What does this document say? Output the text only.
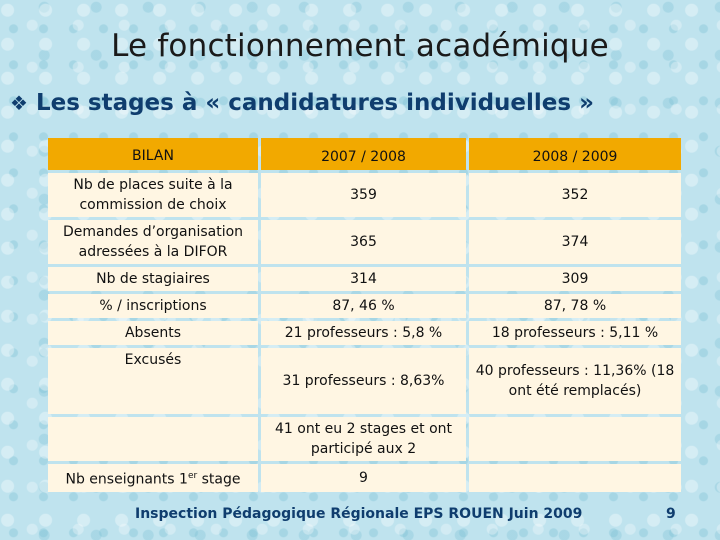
Le fonctionnement académique
❖ Les stages à « candidatures individuelles »
BILAN	2007 / 2008	2008 / 2009
Nb de places suite à la commission de choix	359	352
Demandes d’organisation adressées à la DIFOR	365	374
Nb de stagiaires	314	309
% / inscriptions	87, 46 %	87, 78 %
Absents	21 professeurs : 5,8 %	18 professeurs : 5,11 %
Excusés	31 professeurs : 8,63%	40 professeurs : 11,36% (18 ont été remplacés)
	41 ont eu 2 stages et ont participé aux 2	
Nb enseignants 1er stage	9	
Inspection Pédagogique Régionale EPS ROUEN Juin 2009	9
